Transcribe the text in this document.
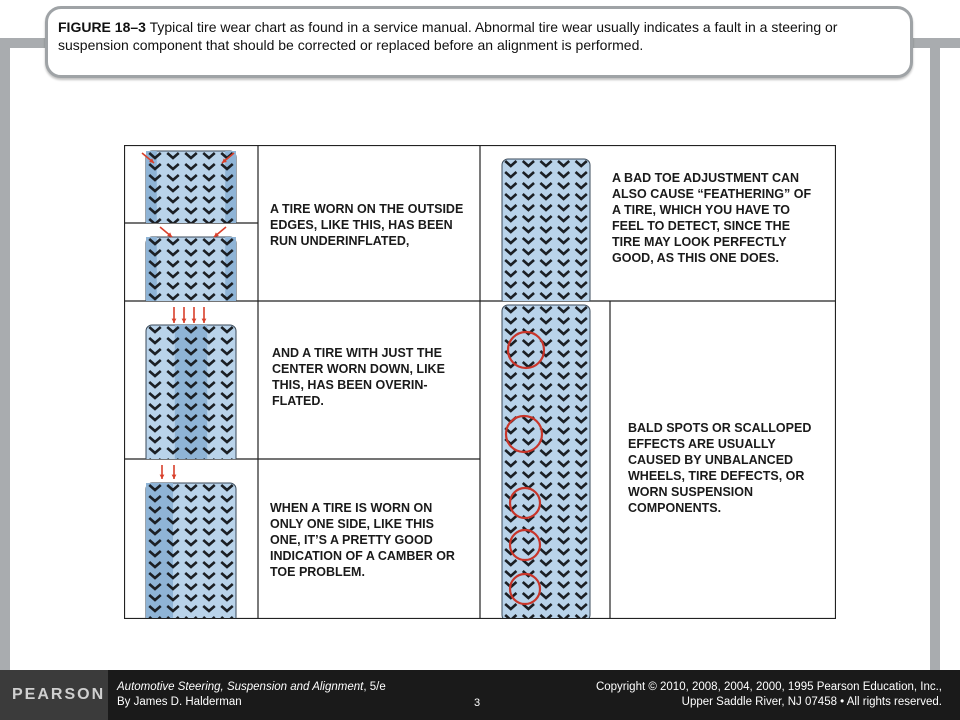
FIGURE 18–3 Typical tire wear chart as found in a service manual. Abnormal tire wear usually indicates a fault in a steering or suspension component that should be corrected or replaced before an alignment is performed.
A TIRE WORN ON THE OUTSIDE EDGES, LIKE THIS, HAS BEEN RUN UNDERINFLATED,
AND A TIRE WITH JUST THE CENTER WORN DOWN, LIKE THIS, HAS BEEN OVERIN- FLATED.
WHEN A TIRE IS WORN ON ONLY ONE SIDE, LIKE THIS ONE, IT’S A PRETTY GOOD INDICATION OF A CAMBER OR TOE PROBLEM.
A BAD TOE ADJUSTMENT CAN ALSO CAUSE “FEATHERING” OF A TIRE, WHICH YOU HAVE TO FEEL TO DETECT, SINCE THE TIRE MAY LOOK PERFECTLY GOOD, AS THIS ONE DOES.
BALD SPOTS OR SCALLOPED EFFECTS ARE USUALLY CAUSED BY UNBALANCED WHEELS, TIRE DEFECTS, OR WORN SUSPENSION COMPONENTS.
PEARSON Automotive Steering, Suspension and Alignment, 5/e
By James D. Halderman	3
Copyright © 2010, 2008, 2004, 2000, 1995 Pearson Education, Inc.,
Upper Saddle River, NJ 07458 • All rights reserved.
